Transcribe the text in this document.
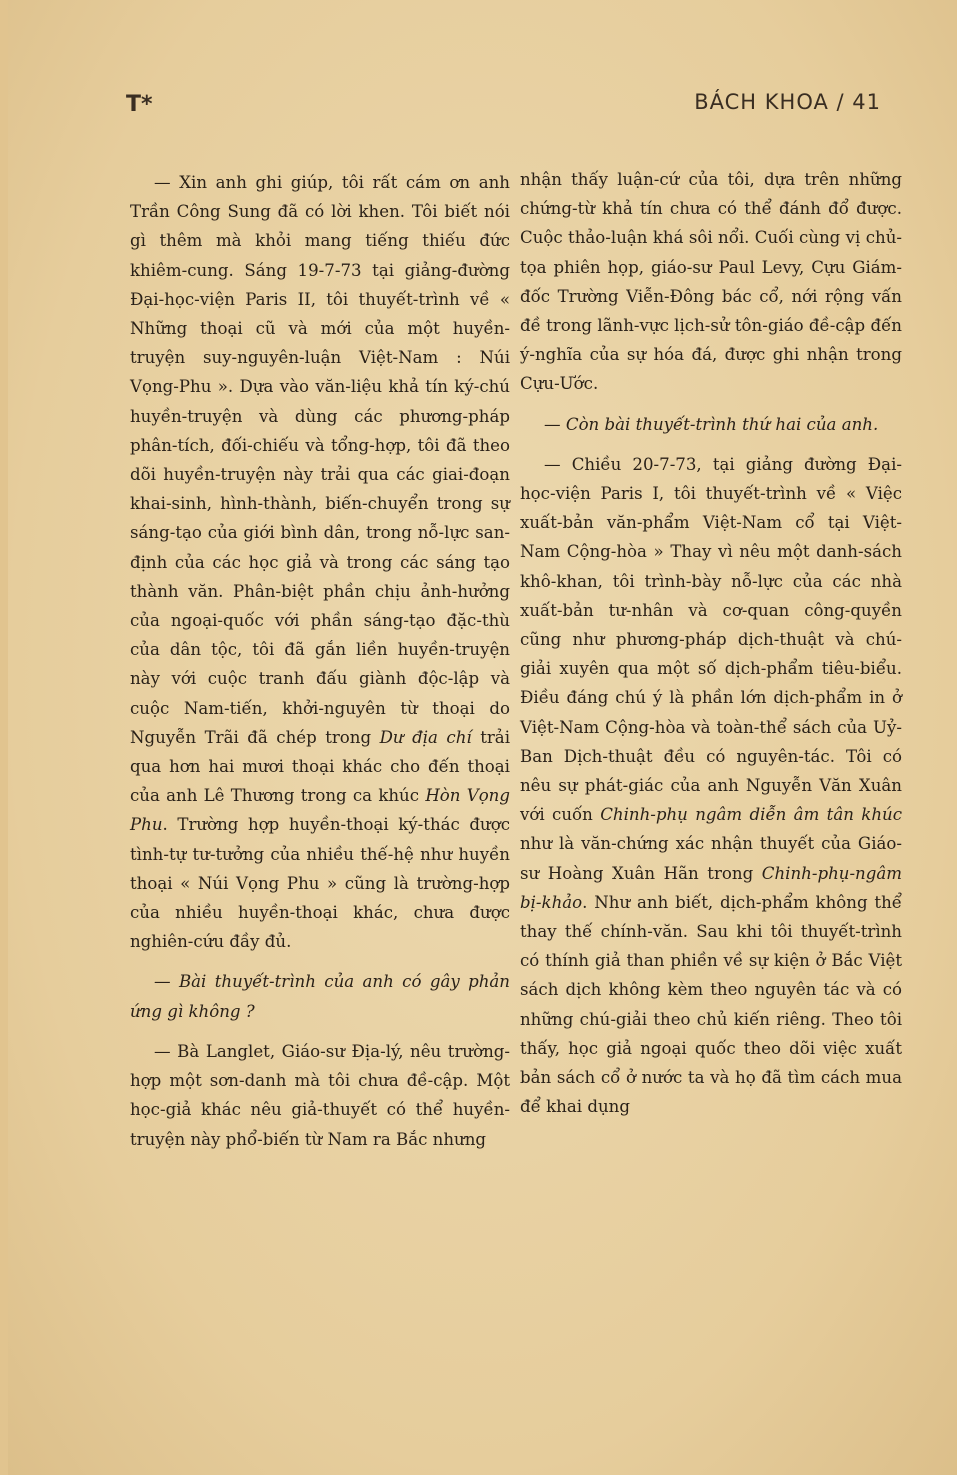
T*	BÁCH KHOA / 41

— Xin anh ghi giúp, tôi rất cám ơn anh Trần Công Sung đã có lời khen. Tôi biết nói gì thêm mà khỏi mang tiếng thiếu đức khiêm-cung. Sáng 19-7-73 tại giảng-đường Đại-học-viện Paris II, tôi thuyết-trình về « Những thoại cũ và mới của một huyền-truyện suy-nguyên-luận Việt-Nam : Núi Vọng-Phu ». Dựa vào văn-liệu khả tín ký-chú huyền-truyện và dùng các phương-pháp phân-tích, đối-chiếu và tổng-hợp, tôi đã theo dõi huyền-truyện này trải qua các giai-đoạn khai-sinh, hình-thành, biến-chuyển trong sự sáng-tạo của giới bình dân, trong nỗ-lực san-định của các học giả và trong các sáng tạo thành văn. Phân-biệt phần chịu ảnh-hưởng của ngoại-quốc với phần sáng-tạo đặc-thù của dân tộc, tôi đã gắn liền huyền-truyện này với cuộc tranh đấu giành độc-lập và cuộc Nam-tiến, khởi-nguyên từ thoại do Nguyễn Trãi đã chép trong Dư địa chí trải qua hơn hai mươi thoại khác cho đến thoại của anh Lê Thương trong ca khúc Hòn Vọng Phu. Trường hợp huyền-thoại ký-thác được tình-tự tư-tưởng của nhiều thế-hệ như huyền thoại « Núi Vọng Phu » cũng là trường-hợp của nhiều huyền-thoại khác, chưa được nghiên-cứu đầy đủ.

— Bài thuyết-trình của anh có gây phản ứng gì không ?

— Bà Langlet, Giáo-sư Địa-lý, nêu trường-hợp một sơn-danh mà tôi chưa đề-cập. Một học-giả khác nêu giả-thuyết có thể huyền-truyện này phổ-biến từ Nam ra Bắc nhưng

nhận thấy luận-cứ của tôi, dựa trên những chứng-từ khả tín chưa có thể đánh đổ được. Cuộc thảo-luận khá sôi nổi. Cuối cùng vị chủ-tọa phiên họp, giáo-sư Paul Levy, Cựu Giám-đốc Trường Viễn-Đông bác cổ, nới rộng vấn đề trong lãnh-vực lịch-sử tôn-giáo đề-cập đến ý-nghĩa của sự hóa đá, được ghi nhận trong Cựu-Ước.

— Còn bài thuyết-trình thứ hai của anh.

— Chiều 20-7-73, tại giảng đường Đại-học-viện Paris I, tôi thuyết-trình về « Việc xuất-bản văn-phẩm Việt-Nam cổ tại Việt-Nam Cộng-hòa » Thay vì nêu một danh-sách khô-khan, tôi trình-bày nỗ-lực của các nhà xuất-bản tư-nhân và cơ-quan công-quyền cũng như phương-pháp dịch-thuật và chú-giải xuyên qua một số dịch-phẩm tiêu-biểu. Điều đáng chú ý là phần lớn dịch-phẩm in ở Việt-Nam Cộng-hòa và toàn-thể sách của Uỷ-Ban Dịch-thuật đều có nguyên-tác. Tôi có nêu sự phát-giác của anh Nguyễn Văn Xuân với cuốn Chinh-phụ ngâm diễn âm tân khúc như là văn-chứng xác nhận thuyết của Giáo-sư Hoàng Xuân Hãn trong Chinh-phụ-ngâm bị-khảo. Như anh biết, dịch-phẩm không thể thay thế chính-văn. Sau khi tôi thuyết-trình có thính giả than phiền về sự kiện ở Bắc Việt sách dịch không kèm theo nguyên tác và có những chú-giải theo chủ kiến riêng. Theo tôi thấy, học giả ngoại quốc theo dõi việc xuất bản sách cổ ở nước ta và họ đã tìm cách mua để khai dụng
